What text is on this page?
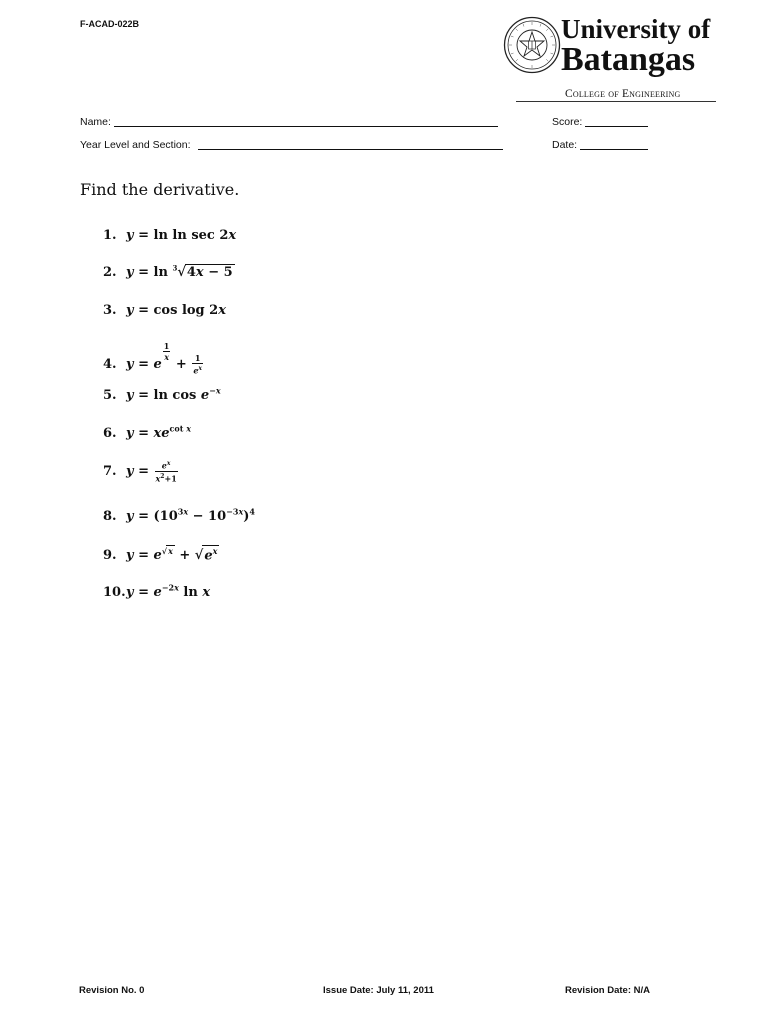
F-ACAD-022B	University of
Batangas
College of Engineering
Name:	Score:
Year Level and Section:	Date:
Find the derivative.
1. y = ln ln sec 2x
2. y = ln $^3$√4x − 5
3. y = cos log 2x
4. y = e
$\frac{1}{x}$
+ $\frac{1}{e^x}$
5. $y = \ln \cos e^{-x}$
6. $y = xe^{cot x}$
7. $y = \frac{e^x}{x^2+1}$
8. $y = (10^{3x} - 10^{-3x})^4$
9. $y = e^{√x} + √e^x$
$10.y = e^{-2x}$ ln x
Revision No. 0	Issue Date: July 11, 2011	Revision Date: N/A
